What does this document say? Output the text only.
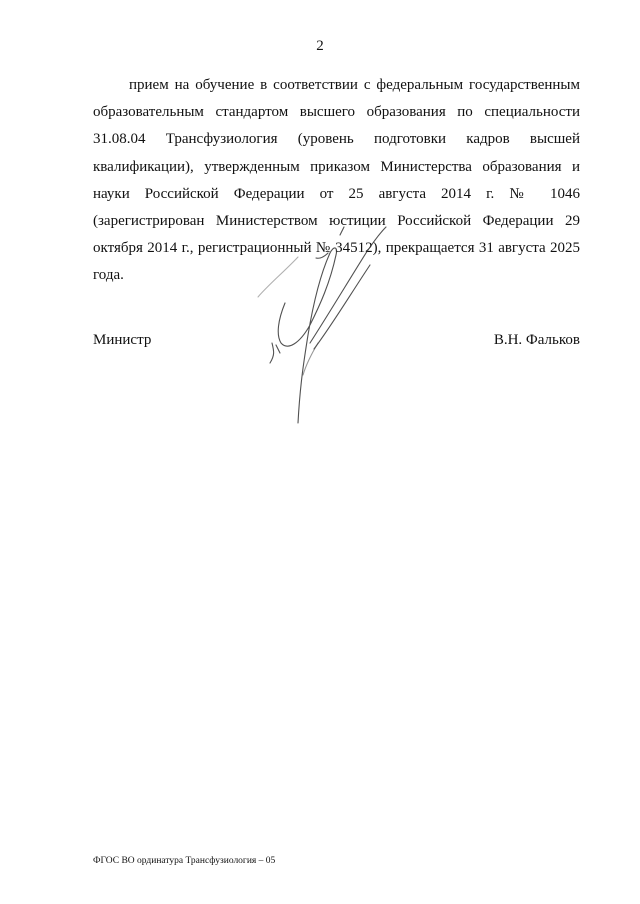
2

прием на обучение в соответствии с федеральным государственным образовательным стандартом высшего образования по специальности 31.08.04 Трансфузиология (уровень подготовки кадров высшей квалификации), утвержденным приказом Министерства образования и науки Российской Федерации от 25 августа 2014 г. № 1046 (зарегистрирован Министерством юстиции Российской Федерации 29 октября 2014 г., регистрационный № 34512), прекращается 31 августа 2025 года.

Министр	В.Н. Фальков
ФГОС ВО ординатура Трансфузиология – 05
